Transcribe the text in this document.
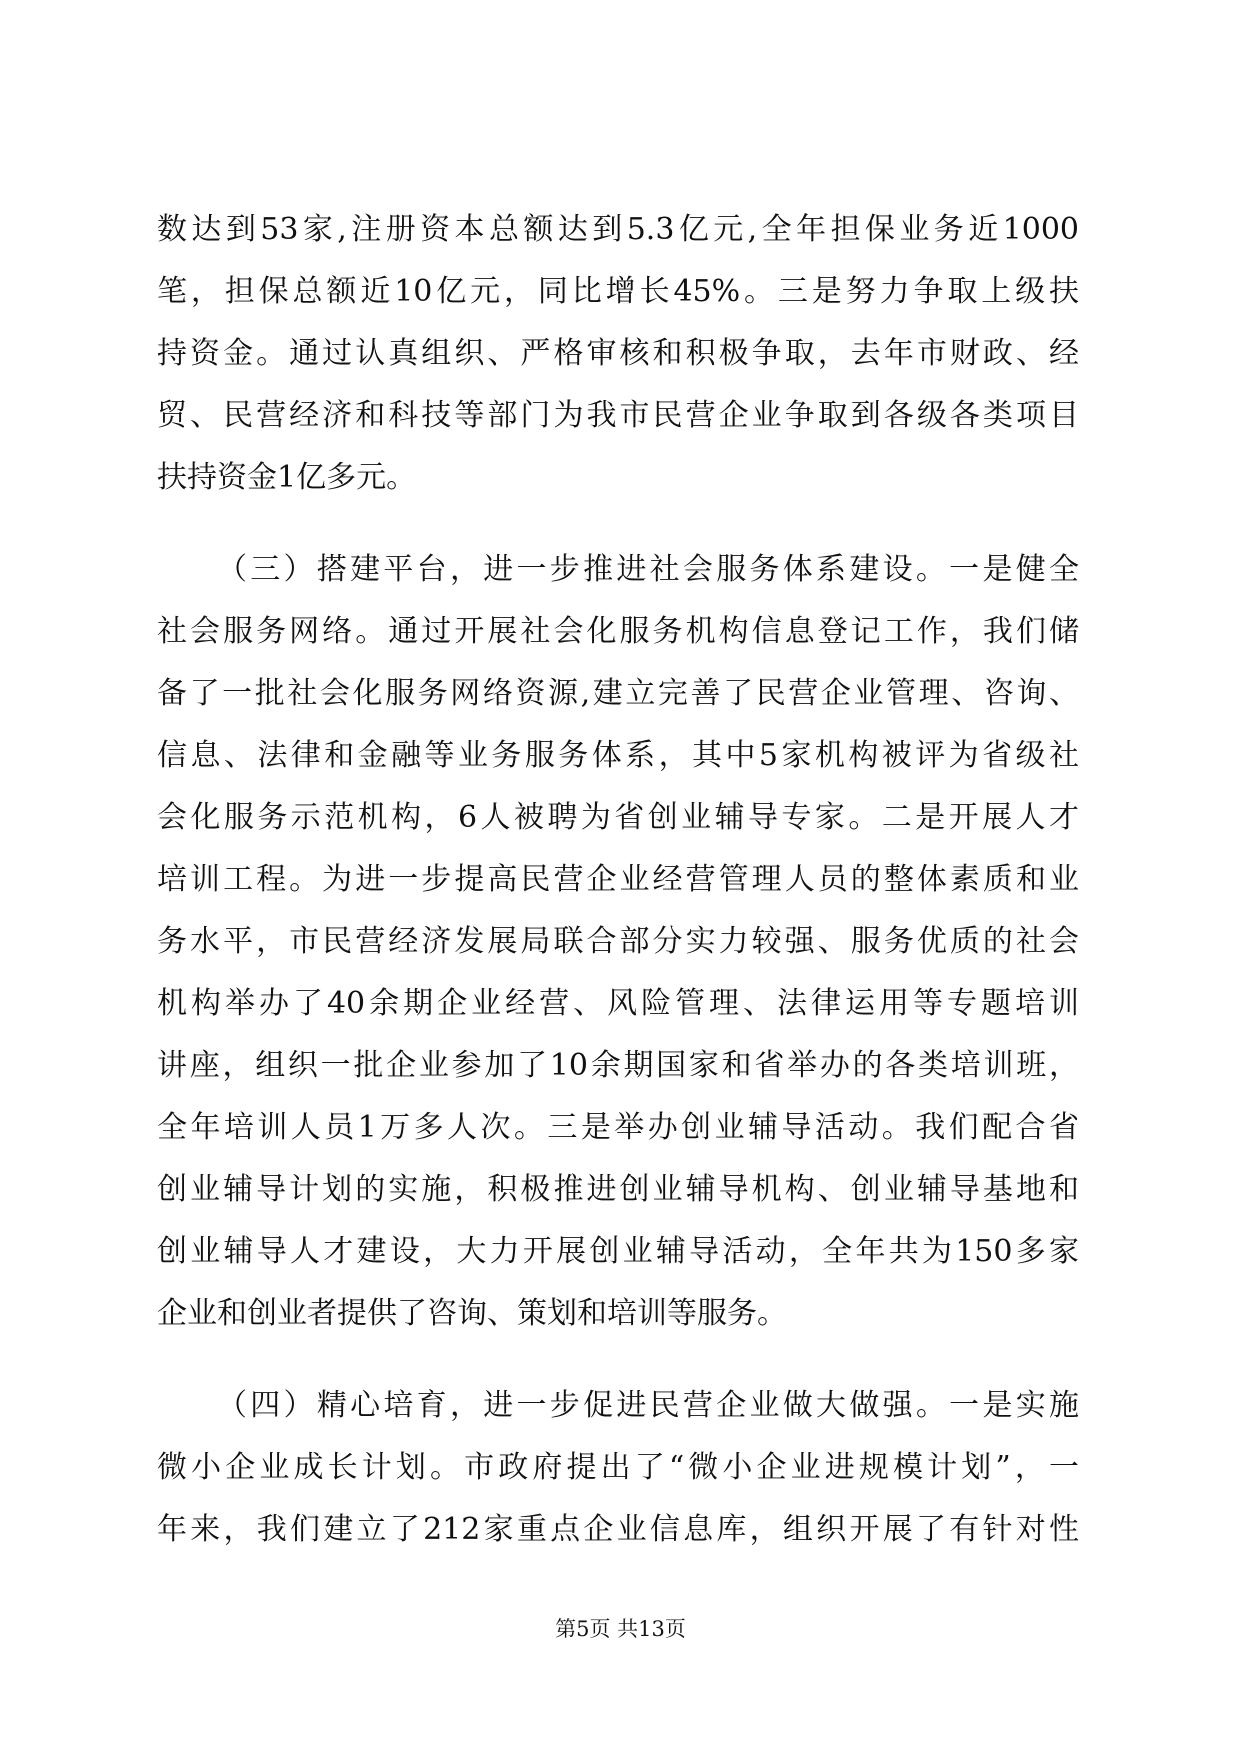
数达到53家,注册资本总额达到5.3亿元,全年担保业务近1000
笔，担保总额近10亿元，同比增长45%。三是努力争取上级扶
持资金。通过认真组织、严格审核和积极争取，去年市财政、经
贸、民营经济和科技等部门为我市民营企业争取到各级各类项目
扶持资金1亿多元。
（三）搭建平台，进一步推进社会服务体系建设。一是健全
社会服务网络。通过开展社会化服务机构信息登记工作，我们储
备了一批社会化服务网络资源,建立完善了民营企业管理、咨询、
信息、法律和金融等业务服务体系，其中5家机构被评为省级社
会化服务示范机构，6人被聘为省创业辅导专家。二是开展人才
培训工程。为进一步提高民营企业经营管理人员的整体素质和业
务水平，市民营经济发展局联合部分实力较强、服务优质的社会
机构举办了40余期企业经营、风险管理、法律运用等专题培训
讲座，组织一批企业参加了10余期国家和省举办的各类培训班，
全年培训人员1万多人次。三是举办创业辅导活动。我们配合省
创业辅导计划的实施，积极推进创业辅导机构、创业辅导基地和
创业辅导人才建设，大力开展创业辅导活动，全年共为150多家
企业和创业者提供了咨询、策划和培训等服务。
（四）精心培育，进一步促进民营企业做大做强。一是实施
微小企业成长计划。市政府提出了“微小企业进规模计划”，一
年来，我们建立了212家重点企业信息库，组织开展了有针对性
第5页 共13页
